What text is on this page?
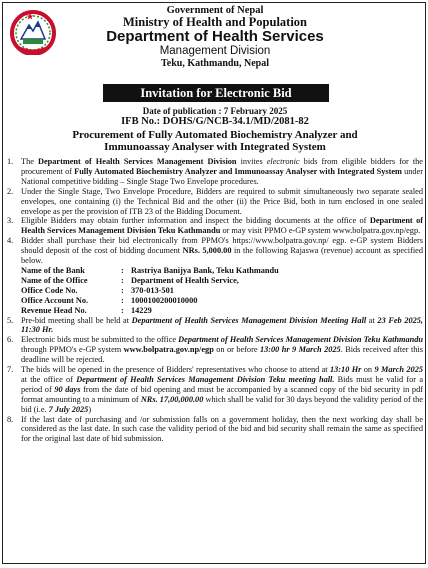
Government of Nepal
Ministry of Health and Population
Department of Health Services
Management Division
Teku, Kathmandu, Nepal
Invitation for Electronic Bid
Date of publication : 7 February 2025
IFB No.: DOHS/G/NCB-34.1/MD/2081-82
Procurement of Fully Automated Biochemistry Analyzer and
Immunoassay Analyser with Integrated System
1. The Department of Health Services Management Division invites electronic bids from eligible bidders for the procurement of Fully Automated Biochemistry Analyzer and Immunoassay Analyser with Integrated System under National competitive bidding – Single Stage Two Envelope procedures.
2. Under the Single Stage, Two Envelope Procedure, Bidders are required to submit simultaneously two separate sealed envelopes, one containing (i) the Technical Bid and the other (ii) the Price Bid, both in turn enclosed in one sealed envelope as per the provision of ITB 23 of the Bidding Document.
3. Eligible Bidders may obtain further information and inspect the bidding documents at the office of Department of Health Services Management Division Teku Kathmandu or may visit PPMO e-GP system www.bolpatra.gov.np/egp.
4. Bidder shall purchase their bid electronically from PPMO's https://www.bolpatra.gov.np/ egp. e-GP system Bidders should deposit of the cost of bidding document NRs. 5,000.00 in the following Rajaswa (revenue) account as specified below.
Name of the Bank	: Rastriya Banijya Bank, Teku Kathmandu
Name of the Office	: Department of Health Service,
Office Code No.	: 370-013-501
Office Account No.	: 1000100200010000
Revenue Head No.	: 14229
5. Pre-bid meeting shall be held at Department of Health Services Management Division Meeting Hall at 23 Feb 2025, 11:30 Hr.
6. Electronic bids must be submitted to the office Department of Health Services Management Division Teku Kathmandu through PPMO's e-GP system www.bolpatra.gov.np/egp on or before 13:00 hr 9 March 2025. Bids received after this deadline will be rejected.
7. The bids will be opened in the presence of Bidders' representatives who choose to attend at 13:10 Hr on 9 March 2025 at the office of Department of Health Services Management Division Teku meeting hall. Bids must be valid for a period of 90 days from the date of bid opening and must be accompanied by a scanned copy of the bid security in pdf format amounting to a minimum of NRs. 17,00,000.00 which shall be valid for 30 days beyond the validity period of the bid (i.e. 7 July 2025)
8. If the last date of purchasing and /or submission falls on a government holiday, then the next working day shall be considered as the last date. In such case the validity period of the bid and bid security shall remain the same as specified for the original last date of bid submission.
